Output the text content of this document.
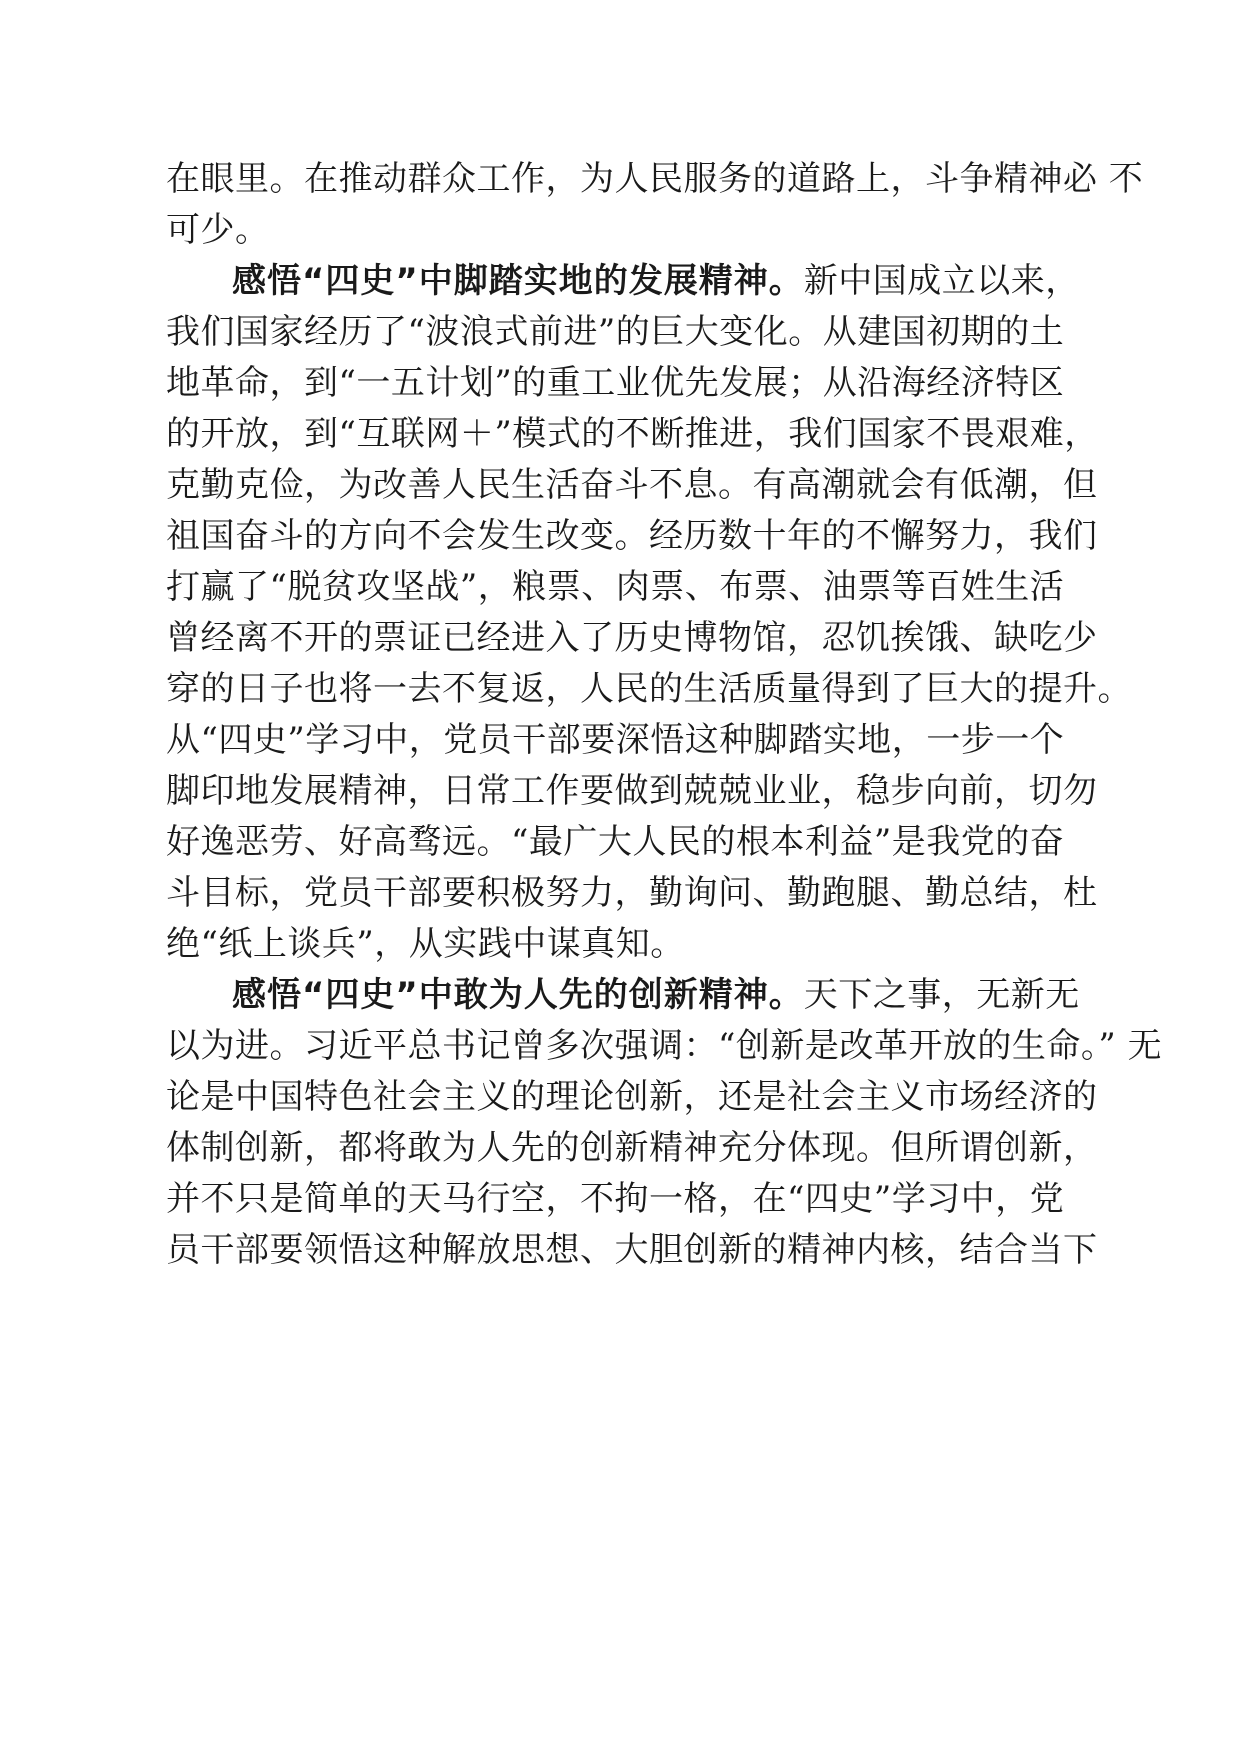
在眼里。在推动群众工作，为人民服务的道路上，斗争精神必 不
可少。
感悟“四史”中脚踏实地的发展精神。新中国成立以来，
我们国家经历了“波浪式前进”的巨大变化。从建国初期的土
地革命，到“一五计划”的重工业优先发展；从沿海经济特区
的开放，到“互联网＋”模式的不断推进，我们国家不畏艰难，
克勤克俭，为改善人民生活奋斗不息。有高潮就会有低潮，但
祖国奋斗的方向不会发生改变。经历数十年的不懈努力，我们
打赢了“脱贫攻坚战”，粮票、肉票、布票、油票等百姓生活
曾经离不开的票证已经进入了历史博物馆，忍饥挨饿、缺吃少
穿的日子也将一去不复返，人民的生活质量得到了巨大的提升。
从“四史”学习中，党员干部要深悟这种脚踏实地，一步一个
脚印地发展精神，日常工作要做到兢兢业业，稳步向前，切勿
好逸恶劳、好高骛远。“最广大人民的根本利益”是我党的奋
斗目标，党员干部要积极努力，勤询问、勤跑腿、勤总结，杜
绝“纸上谈兵”，从实践中谋真知。
感悟“四史”中敢为人先的创新精神。天下之事，无新无
以为进。习近平总书记曾多次强调：“创新是改革开放的生命。” 无
论是中国特色社会主义的理论创新，还是社会主义市场经济的
体制创新，都将敢为人先的创新精神充分体现。但所谓创新，
并不只是简单的天马行空，不拘一格，在“四史”学习中，党
员干部要领悟这种解放思想、大胆创新的精神内核，结合当下
